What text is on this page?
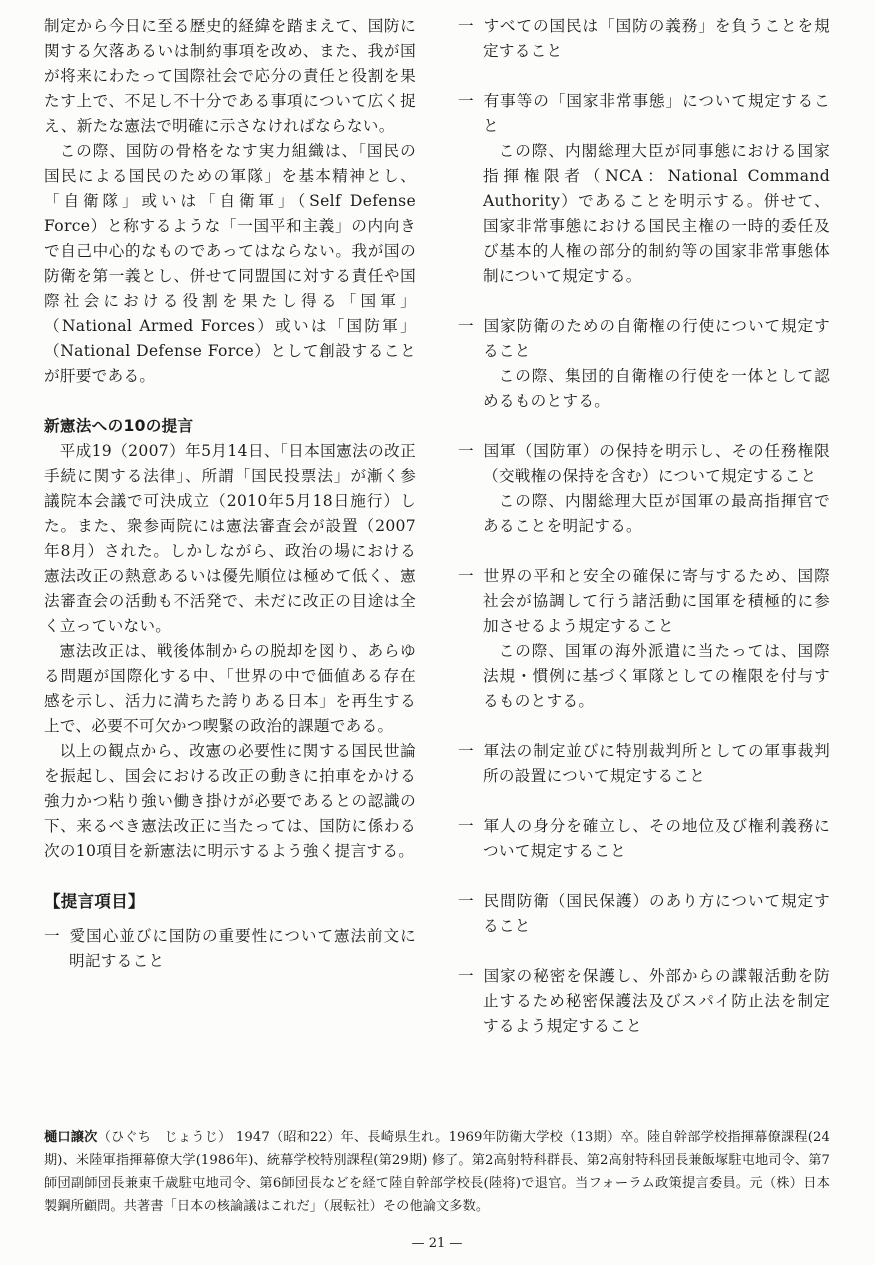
制定から今日に至る歴史的経緯を踏まえて、国防に関する欠落あるいは制約事項を改め、また、我が国が将来にわたって国際社会で応分の責任と役割を果たす上で、不足し不十分である事項について広く捉え、新たな憲法で明確に示さなければならない。

この際、国防の骨格をなす実力組織は、「国民の国民による国民のための軍隊」を基本精神とし、「自衛隊」或いは「自衛軍」（Self Defense Force）と称するような「一国平和主義」の内向きで自己中心的なものであってはならない。我が国の防衛を第一義とし、併せて同盟国に対する責任や国際社会における役割を果たし得る「国軍」（National Armed Forces）或いは「国防軍」（National Defense Force）として創設することが肝要である。

新憲法への10の提言

平成19（2007）年5月14日、「日本国憲法の改正手続に関する法律」、所謂「国民投票法」が漸く参議院本会議で可決成立（2010年5月18日施行）した。また、衆参両院には憲法審査会が設置（2007年8月）された。しかしながら、政治の場における憲法改正の熱意あるいは優先順位は極めて低く、憲法審査会の活動も不活発で、未だに改正の目途は全く立っていない。

憲法改正は、戦後体制からの脱却を図り、あらゆる問題が国際化する中、「世界の中で価値ある存在感を示し、活力に満ちた誇りある日本」を再生する上で、必要不可欠かつ喫緊の政治的課題である。

以上の観点から、改憲の必要性に関する国民世論を振起し、国会における改正の動きに拍車をかける強力かつ粘り強い働き掛けが必要であるとの認識の下、来るべき憲法改正に当たっては、国防に係わる次の10項目を新憲法に明示するよう強く提言する。

【提言項目】

一 愛国心並びに国防の重要性について憲法前文に明記すること

一 すべての国民は「国防の義務」を負うことを規定すること

一 有事等の「国家非常事態」について規定すること

この際、内閣総理大臣が同事態における国家指揮権限者（NCA：National Command Authority）であることを明示する。併せて、国家非常事態における国民主権の一時的委任及び基本的人権の部分的制約等の国家非常事態体制について規定する。

一 国家防衛のための自衛権の行使について規定すること

この際、集団的自衛権の行使を一体として認めるものとする。

一 国軍（国防軍）の保持を明示し、その任務権限（交戦権の保持を含む）について規定すること

この際、内閣総理大臣が国軍の最高指揮官であることを明記する。

一 世界の平和と安全の確保に寄与するため、国際社会が協調して行う諸活動に国軍を積極的に参加させるよう規定すること

この際、国軍の海外派遣に当たっては、国際法規・慣例に基づく軍隊としての権限を付与するものとする。

一 軍法の制定並びに特別裁判所としての軍事裁判所の設置について規定すること

一 軍人の身分を確立し、その地位及び権利義務について規定すること

一 民間防衛（国民保護）のあり方について規定すること

一 国家の秘密を保護し、外部からの諜報活動を防止するため秘密保護法及びスパイ防止法を制定するよう規定すること

樋口譲次（ひぐち　じょうじ） 1947（昭和22）年、長崎県生れ。1969年防衛大学校（13期）卒。陸自幹部学校指揮幕僚課程(24期)、米陸軍指揮幕僚大学(1986年)、統幕学校特別課程(第29期) 修了。第2高射特科群長、第2高射特科団長兼飯塚駐屯地司令、第7師団副師団長兼東千歳駐屯地司令、第6師団長などを経て陸自幹部学校長(陸将)で退官。当フォーラム政策提言委員。元（株）日本製鋼所顧問。共著書「日本の核論議はこれだ」（展転社）その他論文多数。
— 21 —
